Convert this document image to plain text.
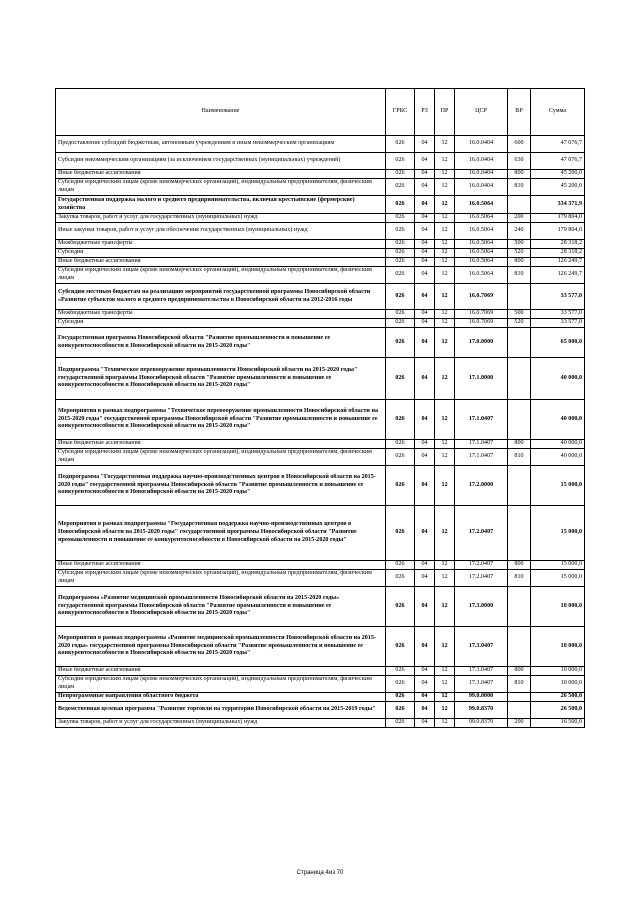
Наименование	ГРБС	РЗ	ПР	ЦСР	ВР	Сумма
Предоставление субсидий бюджетным, автономным учреждениям и иным некоммерческим организациям	026	04	12	16.0.0404	600	47 076,7
Субсидии некоммерческим организациям (за исключением государственных (муниципальных) учреждений)	026	04	12	16.0.0404	630	47 076,7
Иные бюджетные ассигнования	026	04	12	16.0.0404	800	45 200,0
Субсидии юридическим лицам (кроме некоммерческих организаций), индивидуальным предпринимателям, физическим лицам	026	04	12	16.0.0404	810	45 200,0
Государственная поддержка малого и среднего предпринимательства, включая крестьянские (фермерские) хозяйства	026	04	12	16.0.5064		334 371,9
Закупка товаров, работ и услуг для государственных (муниципальных) нужд	026	04	12	16.0.5064	200	179 804,0
Иные закупки товаров, работ и услуг для обеспечения государственных (муниципальных) нужд	026	04	12	16.0.5064	240	179 804,0
Межбюджетные трансферты	026	04	12	16.0.5064	500	28 318,2
Субсидии	026	04	12	16.0.5064	520	28 318,2
Иные бюджетные ассигнования	026	04	12	16.0.5064	800	126 249,7
Субсидии юридическим лицам (кроме некоммерческих организаций), индивидуальным предпринимателям, физическим лицам	026	04	12	16.0.5064	810	126 249,7
Субсидии местным бюджетам на реализацию мероприятий государственной программы Новосибирской области «Развитие субъектов малого и среднего предпринимательства в Новосибирской области на 2012-2016 годы	026	04	12	16.0.7069		33 577,0
Межбюджетные трансферты	026	04	12	16.0.7069	500	33 577,0
Субсидии	026	04	12	16.0.7069	520	33 577,0
Государственная программа Новосибирской области "Развитие промышленности и повышение ее конкурентоспособности в Новосибирской области на 2015-2020 годы"	026	04	12	17.0.0000		65 000,0
Подпрограмма "Техническое перевооружение промышленности Новосибирской области на 2015-2020 годы" государственной программы Новосибирской области "Развитие промышленности и повышение ее конкурентоспособности в Новосибирской области на 2015-2020 годы"	026	04	12	17.1.0000		40 000,0
Мероприятия в рамках подпрограммы "Техническое перевооружение промышленности Новосибирской области на 2015-2020 годы" государственной программы Новосибирской области "Развитие промышленности и повышение ее конкурентоспособности в Новосибирской области на 2015-2020 годы"	026	04	12	17.1.0407		40 000,0
Иные бюджетные ассигнования	026	04	12	17.1.0407	800	40 000,0
Субсидии юридическим лицам (кроме некоммерческих организаций), индивидуальным предпринимателям, физическим лицам	026	04	12	17.1.0407	810	40 000,0
Подпрограмма "Государственная поддержка научно-производственных центров в Новосибирской области на 2015-2020 годы" государственной программы Новосибирской области "Развитие промышленности и повышение ее конкурентоспособности в Новосибирской области на 2015-2020 годы"	026	04	12	17.2.0000		15 000,0
Мероприятия в рамках подпрограммы "Государственная поддержка научно-производственных центров в Новосибирской области на 2015-2020 годы" государственной программы Новосибирской области "Развитие промышленности и повышение ее конкурентоспособности в Новосибирской области на 2015-2020 годы"	026	04	12	17.2.0407		15 000,0
Иные бюджетные ассигнования	026	04	12	17.2.0407	800	15 000,0
Субсидии юридическим лицам (кроме некоммерческих организаций), индивидуальным предпринимателям, физическим лицам	026	04	12	17.2.0407	810	15 000,0
Подпрограмма «Развитие медицинской промышленности Новосибирской области на 2015-2020 годы» государственной программы Новосибирской области "Развитие промышленности и повышение ее конкурентоспособности в Новосибирской области на 2015-2020 годы"	026	04	12	17.3.0000		10 000,0
Мероприятия в рамках подпрограммы «Развитие медицинской промышленности Новосибирской области на 2015-2020 годы» государственной программы Новосибирской области "Развитие промышленности и повышение ее конкурентоспособности в Новосибирской области на 2015-2020 годы"	026	04	12	17.3.0407		10 000,0
Иные бюджетные ассигнования	026	04	12	17.3.0407	800	10 000,0
Субсидии юридическим лицам (кроме некоммерческих организаций), индивидуальным предпринимателям, физическим лицам	026	04	12	17.3.0407	810	10 000,0
Непрограммные направления областного бюджета	026	04	12	99.0.0000		26 500,0
Ведомственная целевая программа "Развитие торговли на территории Новосибирской области на 2015-2019 годы"	026	04	12	99.0.8370		26 500,0
Закупка товаров, работ и услуг для государственных (муниципальных) нужд	026	04	12	99.0.8370	200	16 500,0
Страница 4из 70
